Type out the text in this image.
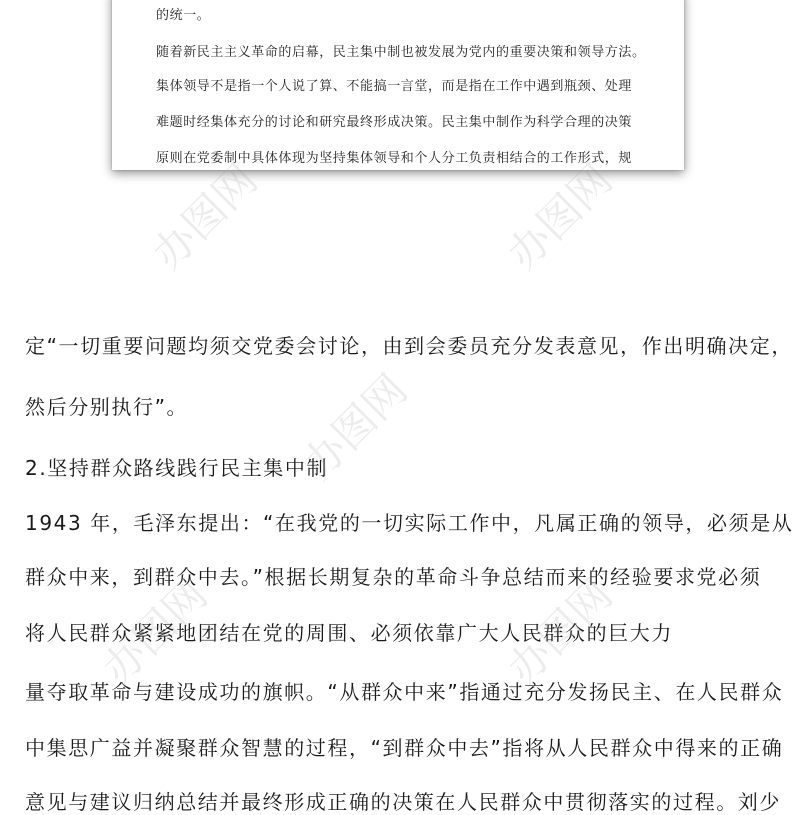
的统一。
随着新民主主义革命的启幕，民主集中制也被发展为党内的重要决策和领导方法。
集体领导不是指一个人说了算、不能搞一言堂，而是指在工作中遇到瓶颈、处理
难题时经集体充分的讨论和研究最终形成决策。民主集中制作为科学合理的决策
原则在党委制中具体体现为坚持集体领导和个人分工负责相结合的工作形式，规
定“一切重要问题均须交党委会讨论，由到会委员充分发表意见，作出明确决定，
然后分别执行”。
2.坚持群众路线践行民主集中制
1943 年，毛泽东提出：“在我党的一切实际工作中，凡属正确的领导，必须是从
群众中来，到群众中去。”根据长期复杂的革命斗争总结而来的经验要求党必须
将人民群众紧紧地团结在党的周围、必须依靠广大人民群众的巨大力
量夺取革命与建设成功的旗帜。“从群众中来”指通过充分发扬民主、在人民群众
中集思广益并凝聚群众智慧的过程，“到群众中去”指将从人民群众中得来的正确
意见与建议归纳总结并最终形成正确的决策在人民群众中贯彻落实的过程。刘少
办图网	办图网
办图网
办图网	办图网
